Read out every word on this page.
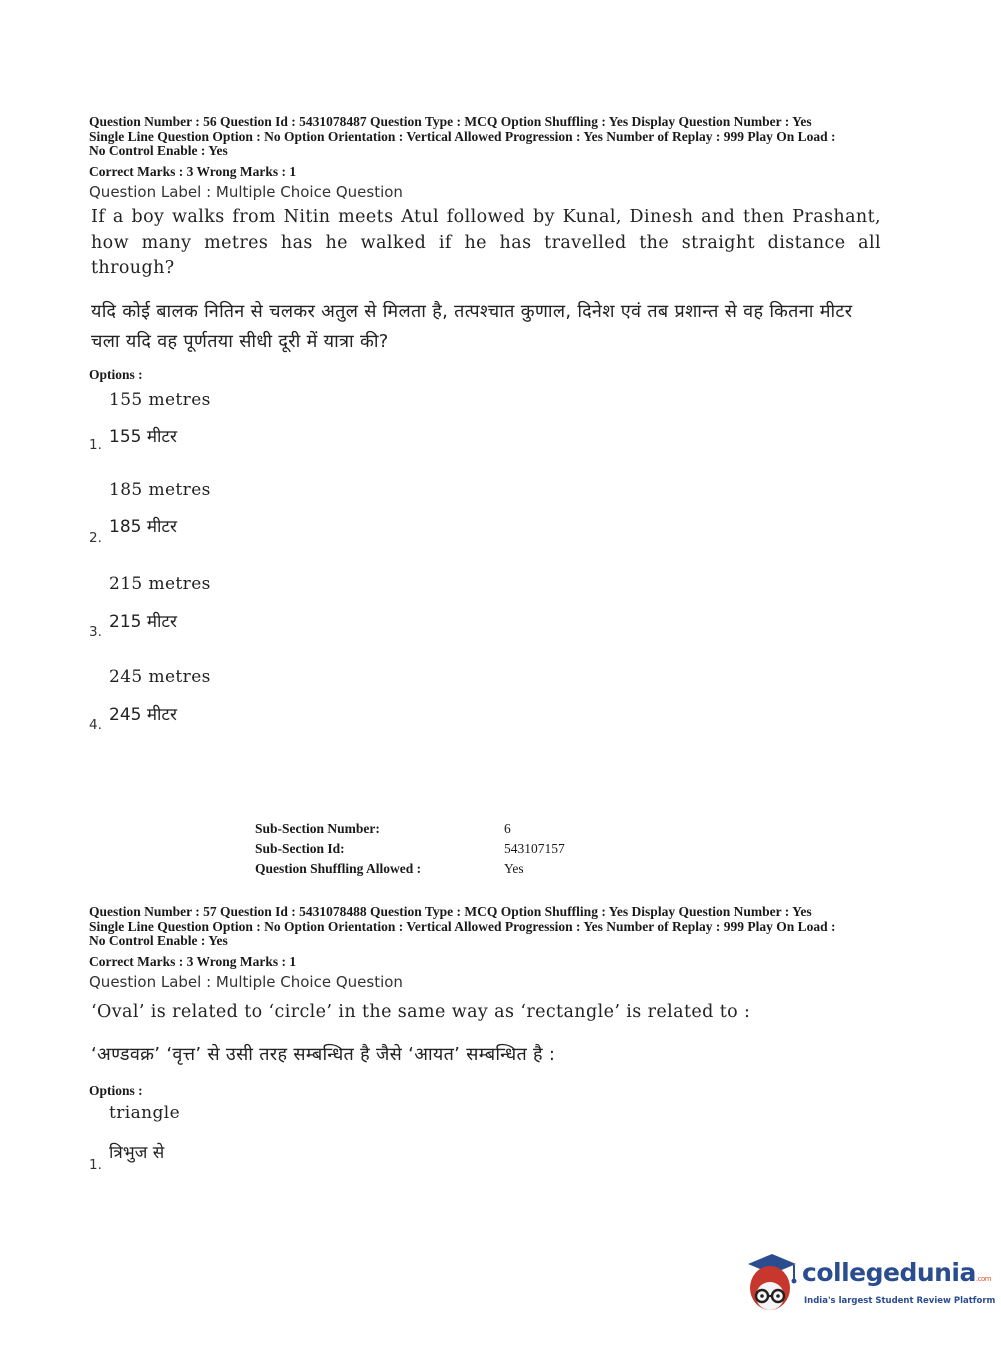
Question Number : 56 Question Id : 5431078487 Question Type : MCQ Option Shuffling : Yes Display Question Number : Yes
Single Line Question Option : No Option Orientation : Vertical Allowed Progression : Yes Number of Replay : 999 Play On Load :
No Control Enable : Yes
Correct Marks : 3 Wrong Marks : 1
Question Label : Multiple Choice Question
If a boy walks from Nitin meets Atul followed by Kunal, Dinesh and then Prashant, how many metres has he walked if he has travelled the straight distance all through?
यदि कोई बालक नितिन से चलकर अतुल से मिलता है, तत्पश्चात कुणाल, दिनेश एवं तब प्रशान्त से वह कितना मीटर चला यदि वह पूर्णतया सीधी दूरी में यात्रा की?
Options :
155 metres
155 मीटर
1.
185 metres
185 मीटर
2.
215 metres
215 मीटर
3.
245 metres
245 मीटर
4.
Sub-Section Number:	6
Sub-Section Id:	543107157
Question Shuffling Allowed :	Yes
Question Number : 57 Question Id : 5431078488 Question Type : MCQ Option Shuffling : Yes Display Question Number : Yes
Single Line Question Option : No Option Orientation : Vertical Allowed Progression : Yes Number of Replay : 999 Play On Load :
No Control Enable : Yes
Correct Marks : 3 Wrong Marks : 1
Question Label : Multiple Choice Question
‘Oval’ is related to ‘circle’ in the same way as ‘rectangle’ is related to :
‘अण्डवक्र’ ‘वृत्त’ से उसी तरह सम्बन्धित है जैसे ‘आयत’ सम्बन्धित है :
Options :
triangle
त्रिभुज से
1.
collegedunia.com
India's largest Student Review Platform
